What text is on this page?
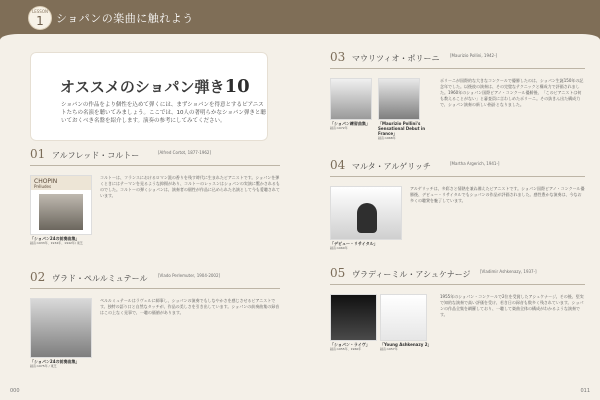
LESSON
1	ショパンの楽曲に触れよう
オススメのショパン弾き10
ショパンの作品をより個性を込めて弾くには、まずショパンを得意とするピアニストたちの名演を聴いてみましょう。ここでは、10人の著明らかなショパン弾きと聴いておくべき名盤を紹介します。演奏の参考にしてみてください。
01 アルフレッド・コルトー	[Alfred Cortot, 1877-1962]
CHOPIN
Préludes
「ショパン24の前奏曲集」
録音:1933年、1934年、1942年/ 東芝
コルトーは、フランスにおけるロマン派の香りを残す時代に生まれたピアニストです。ショパンを弾くときにはテーマンを見るような抑揚があり、コルトーのレッスンはショパンの実演に驚かされるものでした。コルトーの弾くショパンは、演奏者の個性が作品に込められた名演として今も愛聴されています。
02 ヴラド・ペルルミュテール	[Vlado Perlemuter, 1904-2002]
「ショパン24の前奏曲集」
録音:1975年 / 東芝
ペルルミュテールはラヴェルに師事し、ショパンの演奏でもしなやかさを感じさせるピアニストです。独特の語り口と自然なタッチが、作品の美しさを引き出しています。ショパンの前奏曲集の録音はこの上なく見事で、一聴の価値があります。
03 マウリツィオ・ポリーニ	[Maurizio Pollini, 1942-]
「ショパン練習曲集」
録音:1972年
「Maurizio Pollini's Sensational Debut in France」
録音:1968年
ポリーニが国際的な大きなコンクールで優勝したのは、ショパン生誕150年の記念年でした。以後彼の演奏は、その完璧なテクニックと構成力で評価されました。1960年のショパン国際ピアノ・コンクール優勝後、「このピアニストは何も教えることがない」と審査員に言わしめたポリーニ。その抜きん出た構成力で、ショパン演奏の新しい指針となりました。
04 マルタ・アルゲリッチ	[Martha Argerich, 1941-]
「デビュー・リサイタル」
録音:1960年
アルゲリッチは、多彩さと情熱を兼ね備えたピアニストです。ショパン国際ピアノ・コンクール優勝後、デビュー・リサイタルでもショパンの作品が評価されました。感性豊かな演奏は、今なお多くの聴衆を魅了しています。
05 ヴラディーミル・アシュケナージ [Vladimir Ashkenazy, 1937-]
「ショパン・ライヴ」
録音:1955年、1960年
「Young Ashkenazy 2」
録音:1957年
1955年のショパン・コンクールで2位を受賞したアシュケナージ。その後、堅実で知的な演奏で高い評価を受け、若き日の録音も数多く残されています。ショパンの作品全集を網羅しており、一聴して楽曲全体の構成がわかるような演奏です。
000	011
